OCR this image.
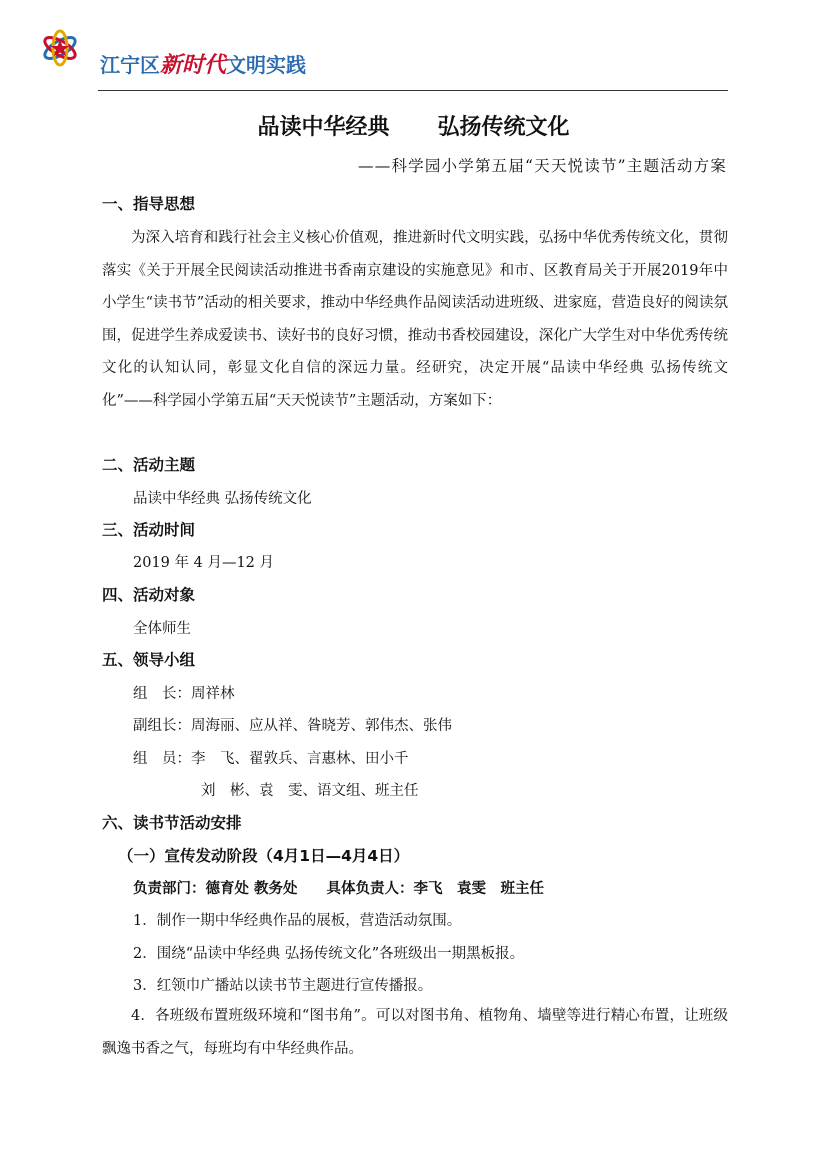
江宁区新时代文明实践
品读中华经典 弘扬传统文化
——科学园小学第五届“天天悦读节”主题活动方案
一、指导思想
为深入培育和践行社会主义核心价值观，推进新时代文明实践，弘扬中华优秀传统文化，贯彻落实《关于开展全民阅读活动推进书香南京建设的实施意见》和市、区教育局关于开展2019年中小学生“读书节”活动的相关要求，推动中华经典作品阅读活动进班级、进家庭，营造良好的阅读氛围，促进学生养成爱读书、读好书的良好习惯，推动书香校园建设，深化广大学生对中华优秀传统文化的认知认同，彰显文化自信的深远力量。经研究，决定开展“品读中华经典 弘扬传统文化”——科学园小学第五届“天天悦读节”主题活动，方案如下：
二、活动主题
品读中华经典 弘扬传统文化
三、活动时间
2019 年 4 月—12 月
四、活动对象
全体师生
五、领导小组
组　长：周祥林
副组长：周海丽、应从祥、昝晓芳、郭伟杰、张伟
组　员：李　飞、翟敦兵、言惠林、田小千
刘　彬、袁　雯、语文组、班主任
六、读书节活动安排
（一）宣传发动阶段（4月1日—4月4日）
负责部门：德育处 教务处　　具体负责人：李飞　袁雯　班主任
1．制作一期中华经典作品的展板，营造活动氛围。
2．围绕“品读中华经典 弘扬传统文化”各班级出一期黑板报。
3．红领巾广播站以读书节主题进行宣传播报。
4．各班级布置班级环境和“图书角”。可以对图书角、植物角、墙壁等进行精心布置，让班级飘逸书香之气，每班均有中华经典作品。
